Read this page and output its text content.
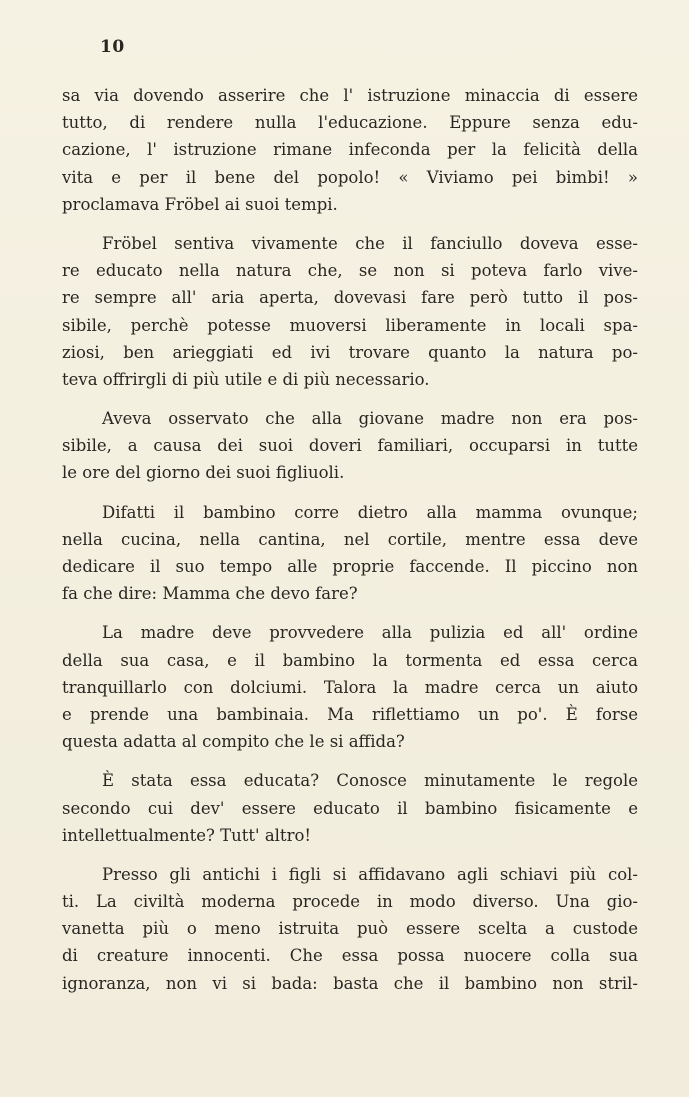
10
sa via dovendo asserire che l' istruzione minaccia di essere
tutto, di rendere nulla l'educazione. Eppure senza edu-
cazione, l' istruzione rimane infeconda per la felicità della
vita e per il bene del popolo! « Viviamo pei bimbi! »
proclamava Fröbel ai suoi tempi.
Fröbel sentiva vivamente che il fanciullo doveva esse-
re educato nella natura che, se non si poteva farlo vive-
re sempre all' aria aperta, dovevasi fare però tutto il pos-
sibile, perchè potesse muoversi liberamente in locali spa-
ziosi, ben arieggiati ed ivi trovare quanto la natura po-
teva offrirgli di più utile e di più necessario.
Aveva osservato che alla giovane madre non era pos-
sibile, a causa dei suoi doveri familiari, occuparsi in tutte
le ore del giorno dei suoi figliuoli.
Difatti il bambino corre dietro alla mamma ovunque;
nella cucina, nella cantina, nel cortile, mentre essa deve
dedicare il suo tempo alle proprie faccende. Il piccino non
fa che dire: Mamma che devo fare?
La madre deve provvedere alla pulizia ed all' ordine
della sua casa, e il bambino la tormenta ed essa cerca
tranquillarlo con dolciumi. Talora la madre cerca un aiuto
e prende una bambinaia. Ma riflettiamo un po'. È forse
questa adatta al compito che le si affida?
È stata essa educata? Conosce minutamente le regole
secondo cui dev' essere educato il bambino fisicamente e
intellettualmente? Tutt' altro!
Presso gli antichi i figli si affidavano agli schiavi più col-
ti. La civiltà moderna procede in modo diverso. Una gio-
vanetta più o meno istruita può essere scelta a custode
di creature innocenti. Che essa possa nuocere colla sua
ignoranza, non vi si bada: basta che il bambino non stril-
